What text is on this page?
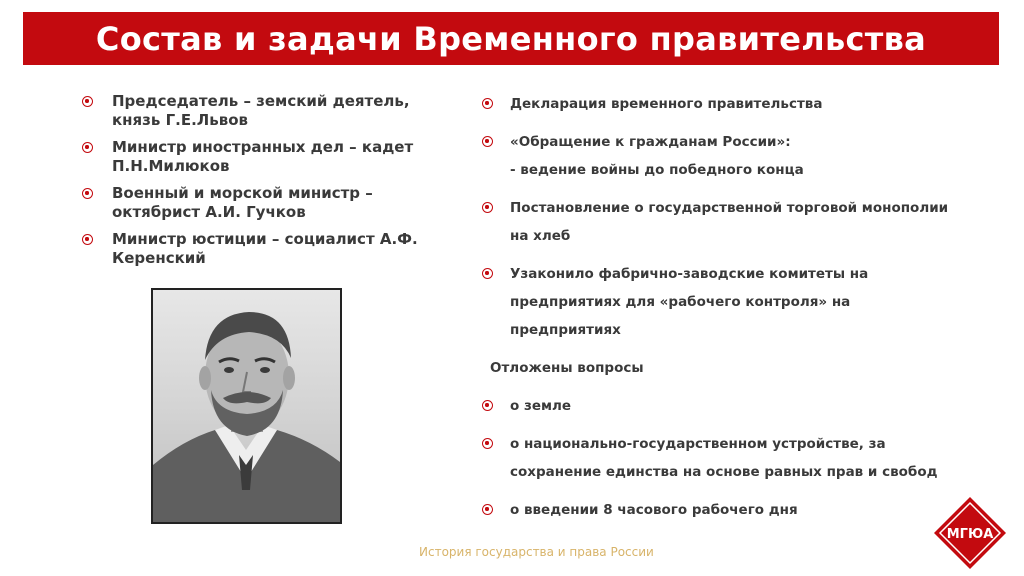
Состав и задачи Временного правительства
Председатель – земский деятель, князь Г.Е.Львов
Министр иностранных дел – кадет П.Н.Милюков
Военный и морской министр – октябрист А.И. Гучков
Министр юстиции – социалист А.Ф. Керенский
Декларация временного правительства
«Обращение к гражданам России»:
- ведение войны до победного конца
Постановление о государственной торговой монополии на хлеб
Узаконило фабрично-заводские комитеты на предприятиях для «рабочего контроля» на предприятиях
Отложены вопросы
о земле
о национально-государственном устройстве, за сохранение единства на основе равных прав и свобод
о введении 8 часового рабочего дня
История государства и права России
МГЮА
